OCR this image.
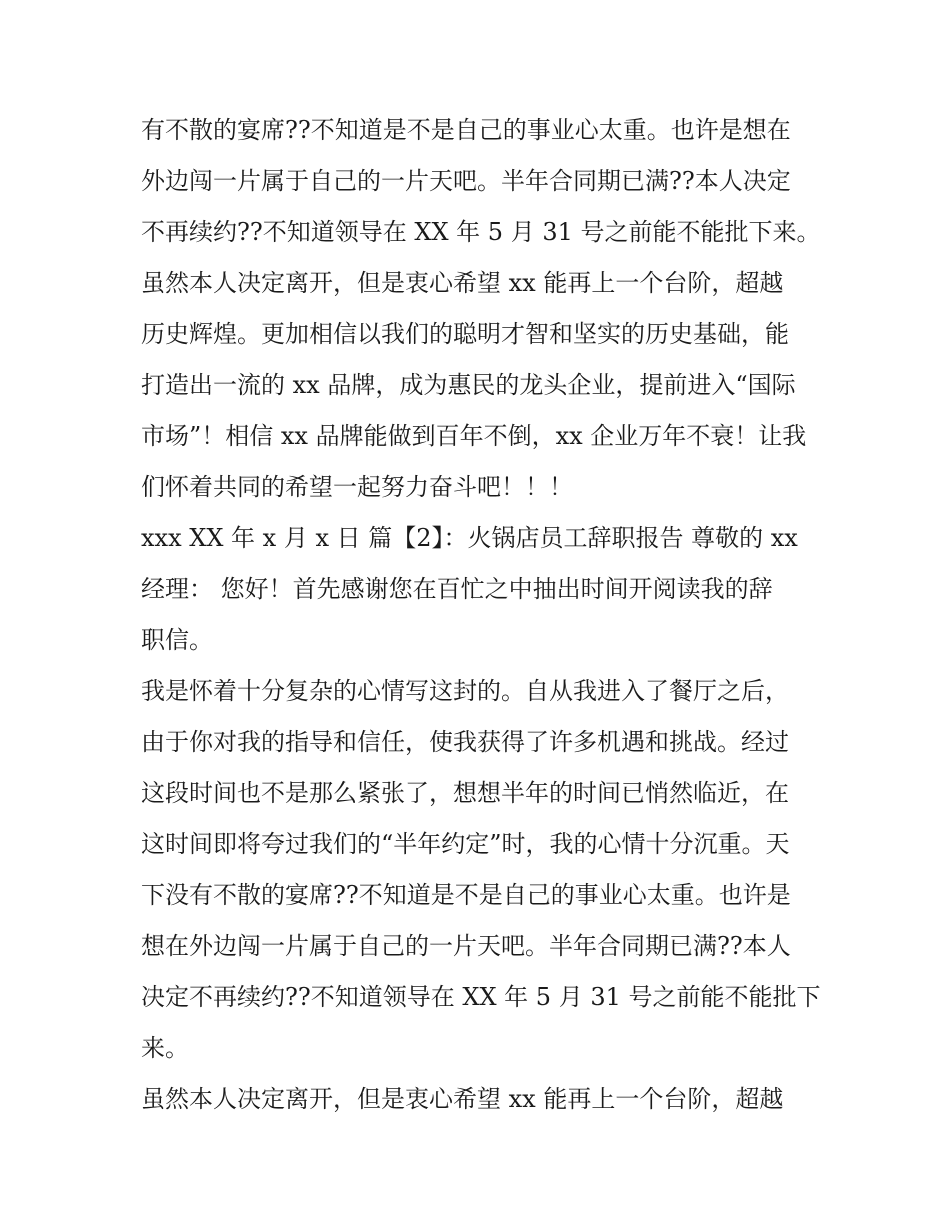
有不散的宴席??不知道是不是自己的事业心太重。也许是想在
外边闯一片属于自己的一片天吧。半年合同期已满??本人决定
不再续约??不知道领导在 XX 年 5 月 31 号之前能不能批下来。
虽然本人决定离开，但是衷心希望 xx 能再上一个台阶，超越
历史辉煌。更加相信以我们的聪明才智和坚实的历史基础，能
打造出一流的 xx 品牌，成为惠民的龙头企业，提前进入“国际
市场”！相信 xx 品牌能做到百年不倒，xx 企业万年不衰！让我
们怀着共同的希望一起努力奋斗吧！！！
xxx XX 年 x 月 x 日 篇【2】：火锅店员工辞职报告 尊敬的 xx
经理： 您好！首先感谢您在百忙之中抽出时间开阅读我的辞
职信。
我是怀着十分复杂的心情写这封的。自从我进入了餐厅之后，
由于你对我的指导和信任，使我获得了许多机遇和挑战。经过
这段时间也不是那么紧张了，想想半年的时间已悄然临近，在
这时间即将夸过我们的“半年约定”时，我的心情十分沉重。天
下没有不散的宴席??不知道是不是自己的事业心太重。也许是
想在外边闯一片属于自己的一片天吧。半年合同期已满??本人
决定不再续约??不知道领导在 XX 年 5 月 31 号之前能不能批下
来。
虽然本人决定离开，但是衷心希望 xx 能再上一个台阶，超越
